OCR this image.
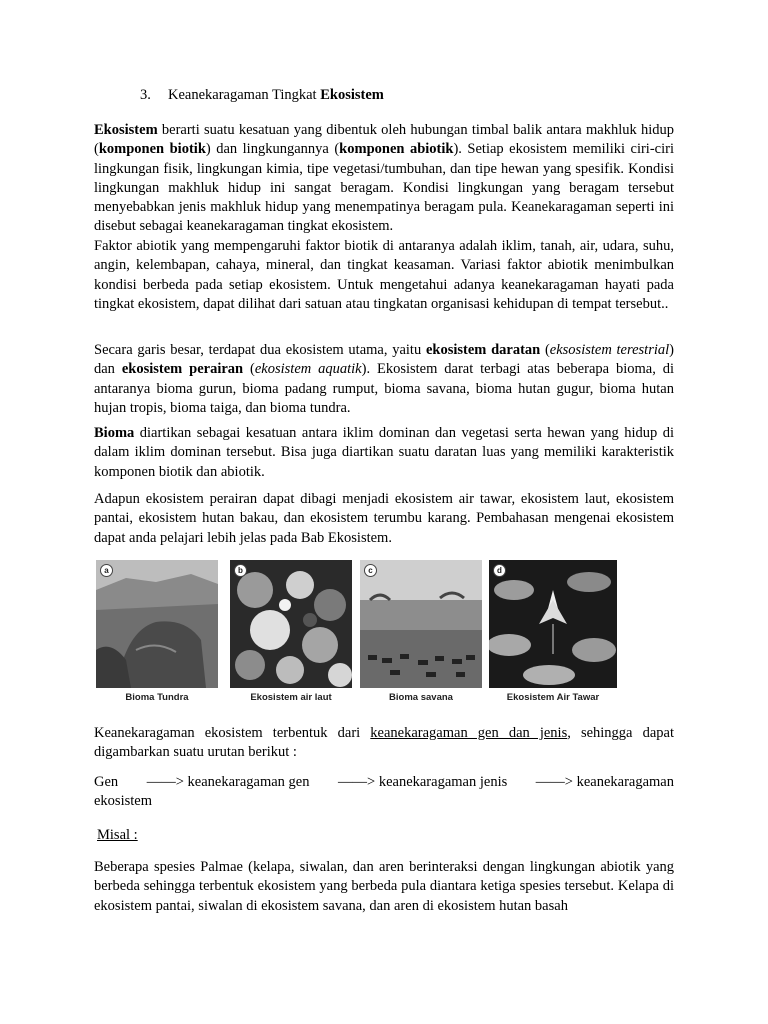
3. Keanekaragaman Tingkat Ekosistem

Ekosistem berarti suatu kesatuan yang dibentuk oleh hubungan timbal balik antara makhluk hidup (komponen biotik) dan lingkungannya (komponen abiotik). Setiap ekosistem memiliki ciri-ciri lingkungan fisik, lingkungan kimia, tipe vegetasi/tumbuhan, dan tipe hewan yang spesifik. Kondisi lingkungan makhluk hidup ini sangat beragam. Kondisi lingkungan yang beragam tersebut menyebabkan jenis makhluk hidup yang menempatinya beragam pula. Keanekaragaman seperti ini disebut sebagai keanekaragaman tingkat ekosistem.

Faktor abiotik yang mempengaruhi faktor biotik di antaranya adalah iklim, tanah, air, udara, suhu, angin, kelembapan, cahaya, mineral, dan tingkat keasaman. Variasi faktor abiotik menimbulkan kondisi berbeda pada setiap ekosistem. Untuk mengetahui adanya keanekaragaman hayati pada tingkat ekosistem, dapat dilihat dari satuan atau tingkatan organisasi kehidupan di tempat tersebut..

Secara garis besar, terdapat dua ekosistem utama, yaitu ekosistem daratan (eksosistem terestrial) dan ekosistem perairan (ekosistem aquatik). Ekosistem darat terbagi atas beberapa bioma, di antaranya bioma gurun, bioma padang rumput, bioma savana, bioma hutan gugur, bioma hutan hujan tropis, bioma taiga, dan bioma tundra.

Bioma diartikan sebagai kesatuan antara iklim dominan dan vegetasi serta hewan yang hidup di dalam iklim dominan tersebut. Bisa juga diartikan suatu daratan luas yang memiliki karakteristik komponen biotik dan abiotik.

Adapun ekosistem perairan dapat dibagi menjadi ekosistem air tawar, ekosistem laut, ekosistem pantai, ekosistem hutan bakau, dan ekosistem terumbu karang. Pembahasan mengenai ekosistem dapat anda pelajari lebih jelas pada Bab Ekosistem.

a
Bioma Tundra
b
Ekosistem air laut
c
Bioma savana
d
Ekosistem Air Tawar

Keanekaragaman ekosistem terbentuk dari keanekaragaman gen dan jenis, sehingga dapat digambarkan suatu urutan berikut :

Gen ——> keanekaragaman gen ——> keanekaragaman jenis ——> keanekaragaman
ekosistem

Misal :

Beberapa spesies Palmae (kelapa, siwalan, dan aren berinteraksi dengan lingkungan abiotik yang berbeda sehingga terbentuk ekosistem yang berbeda pula diantara ketiga spesies tersebut. Kelapa di ekosistem pantai, siwalan di ekosistem savana, dan aren di ekosistem hutan basah
